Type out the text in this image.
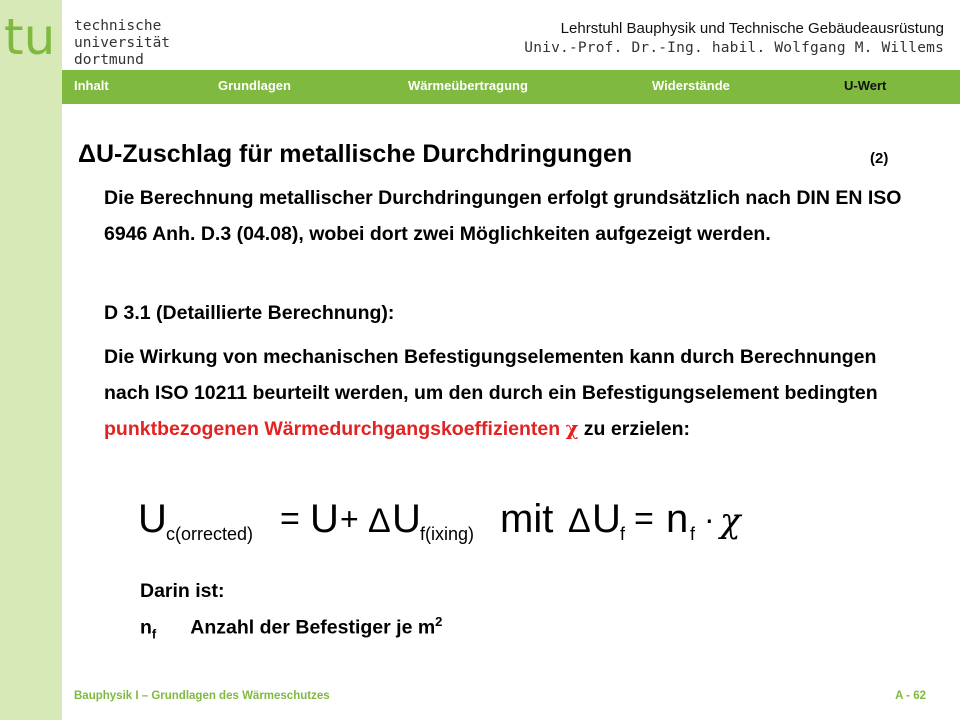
tu technische
universität
dortmund
Lehrstuhl Bauphysik und Technische Gebäudeausrüstung
Univ.-Prof. Dr.-Ing. habil. Wolfgang M. Willems
Inhalt	Grundlagen	Wärmeübertragung	Widerstände	U-Wert
ΔU-Zuschlag für metallische Durchdringungen	(2)
Die Berechnung metallischer Durchdringungen erfolgt grundsätzlich nach DIN EN ISO 6946 Anh. D.3 (04.08), wobei dort zwei Möglichkeiten aufgezeigt werden.
D 3.1 (Detaillierte Berechnung):
Die Wirkung von mechanischen Befestigungselementen kann durch Berechnungen nach ISO 10211 beurteilt werden, um den durch ein Befestigungselement bedingten punktbezogenen Wärmedurchgangskoeffizienten χ zu erzielen:
U c(orrected) = U + Δ U f(ixing) mit Δ U f = n f · χ
Darin ist:
$n_f$ Anzahl der Befestiger je $m^2$
Bauphysik I – Grundlagen des Wärmeschutzes	A - 62
